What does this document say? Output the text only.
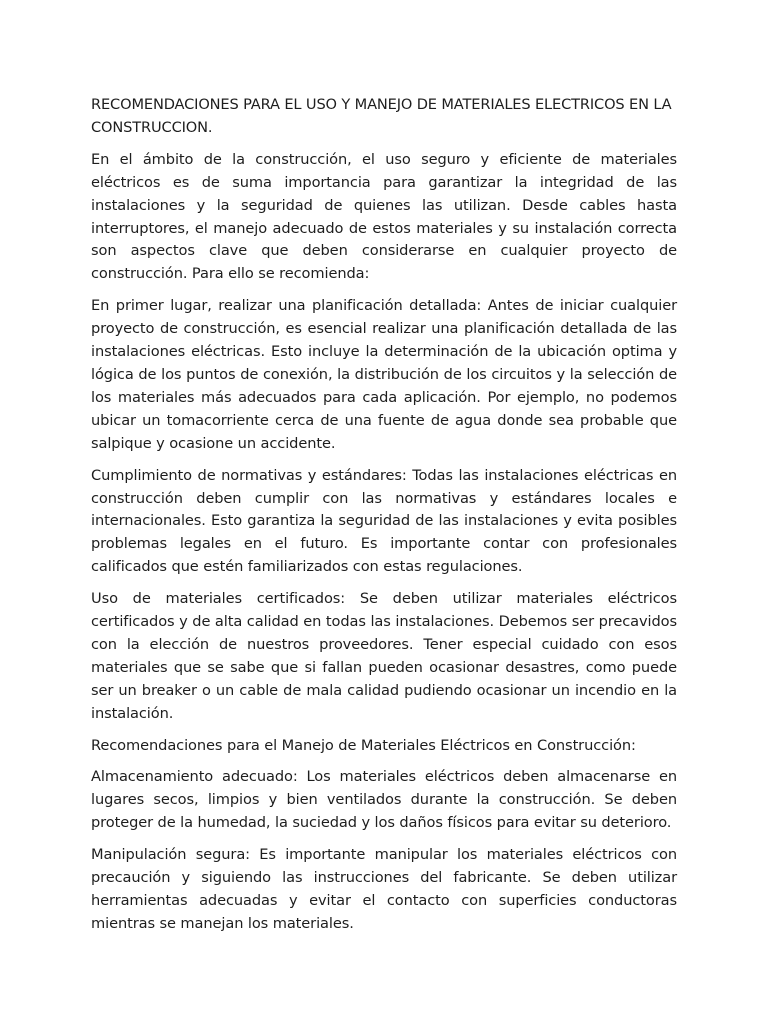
RECOMENDACIONES PARA EL USO Y MANEJO DE MATERIALES ELECTRICOS EN LA CONSTRUCCION.

En el ámbito de la construcción, el uso seguro y eficiente de materiales eléctricos es de suma importancia para garantizar la integridad de las instalaciones y la seguridad de quienes las utilizan. Desde cables hasta interruptores, el manejo adecuado de estos materiales y su instalación correcta son aspectos clave que deben considerarse en cualquier proyecto de construcción. Para ello se recomienda:

En primer lugar, realizar una planificación detallada: Antes de iniciar cualquier proyecto de construcción, es esencial realizar una planificación detallada de las instalaciones eléctricas. Esto incluye la determinación de la ubicación optima y lógica de los puntos de conexión, la distribución de los circuitos y la selección de los materiales más adecuados para cada aplicación. Por ejemplo, no podemos ubicar un tomacorriente cerca de una fuente de agua donde sea probable que salpique y ocasione un accidente.

Cumplimiento de normativas y estándares: Todas las instalaciones eléctricas en construcción deben cumplir con las normativas y estándares locales e internacionales. Esto garantiza la seguridad de las instalaciones y evita posibles problemas legales en el futuro. Es importante contar con profesionales calificados que estén familiarizados con estas regulaciones.

Uso de materiales certificados: Se deben utilizar materiales eléctricos certificados y de alta calidad en todas las instalaciones. Debemos ser precavidos con la elección de nuestros proveedores. Tener especial cuidado con esos materiales que se sabe que si fallan pueden ocasionar desastres, como puede ser un breaker o un cable de mala calidad pudiendo ocasionar un incendio en la instalación.

Recomendaciones para el Manejo de Materiales Eléctricos en Construcción:

Almacenamiento adecuado: Los materiales eléctricos deben almacenarse en lugares secos, limpios y bien ventilados durante la construcción. Se deben proteger de la humedad, la suciedad y los daños físicos para evitar su deterioro.

Manipulación segura: Es importante manipular los materiales eléctricos con precaución y siguiendo las instrucciones del fabricante. Se deben utilizar herramientas adecuadas y evitar el contacto con superficies conductoras mientras se manejan los materiales.
